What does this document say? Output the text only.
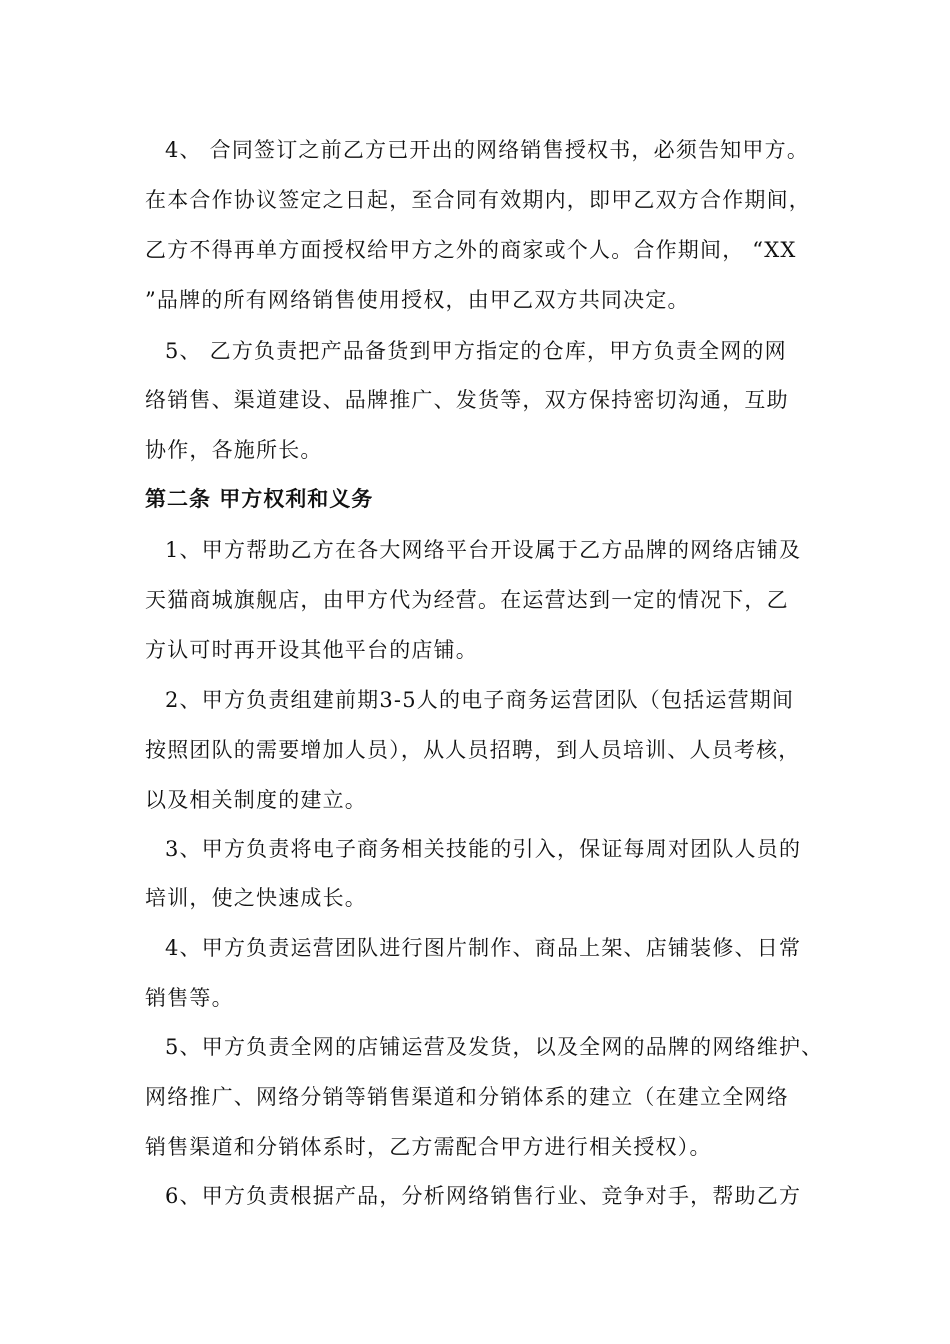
4、 合同签订之前乙方已开出的网络销售授权书，必须告知甲方。
在本合作协议签定之日起，至合同有效期内，即甲乙双方合作期间，
乙方不得再单方面授权给甲方之外的商家或个人。合作期间， “XX
”品牌的所有网络销售使用授权，由甲乙双方共同决定。
5、 乙方负责把产品备货到甲方指定的仓库，甲方负责全网的网
络销售、渠道建设、品牌推广、发货等，双方保持密切沟通，互助
协作，各施所长。
第二条 甲方权利和义务
1、甲方帮助乙方在各大网络平台开设属于乙方品牌的网络店铺及
天猫商城旗舰店，由甲方代为经营。在运营达到一定的情况下，乙
方认可时再开设其他平台的店铺。
2、甲方负责组建前期3-5人的电子商务运营团队（包括运营期间
按照团队的需要增加人员），从人员招聘，到人员培训、人员考核，
以及相关制度的建立。
3、甲方负责将电子商务相关技能的引入，保证每周对团队人员的
培训，使之快速成长。
4、甲方负责运营团队进行图片制作、商品上架、店铺装修、日常
销售等。
5、甲方负责全网的店铺运营及发货，以及全网的品牌的网络维护、
网络推广、网络分销等销售渠道和分销体系的建立（在建立全网络
销售渠道和分销体系时，乙方需配合甲方进行相关授权）。
6、甲方负责根据产品，分析网络销售行业、竞争对手，帮助乙方
